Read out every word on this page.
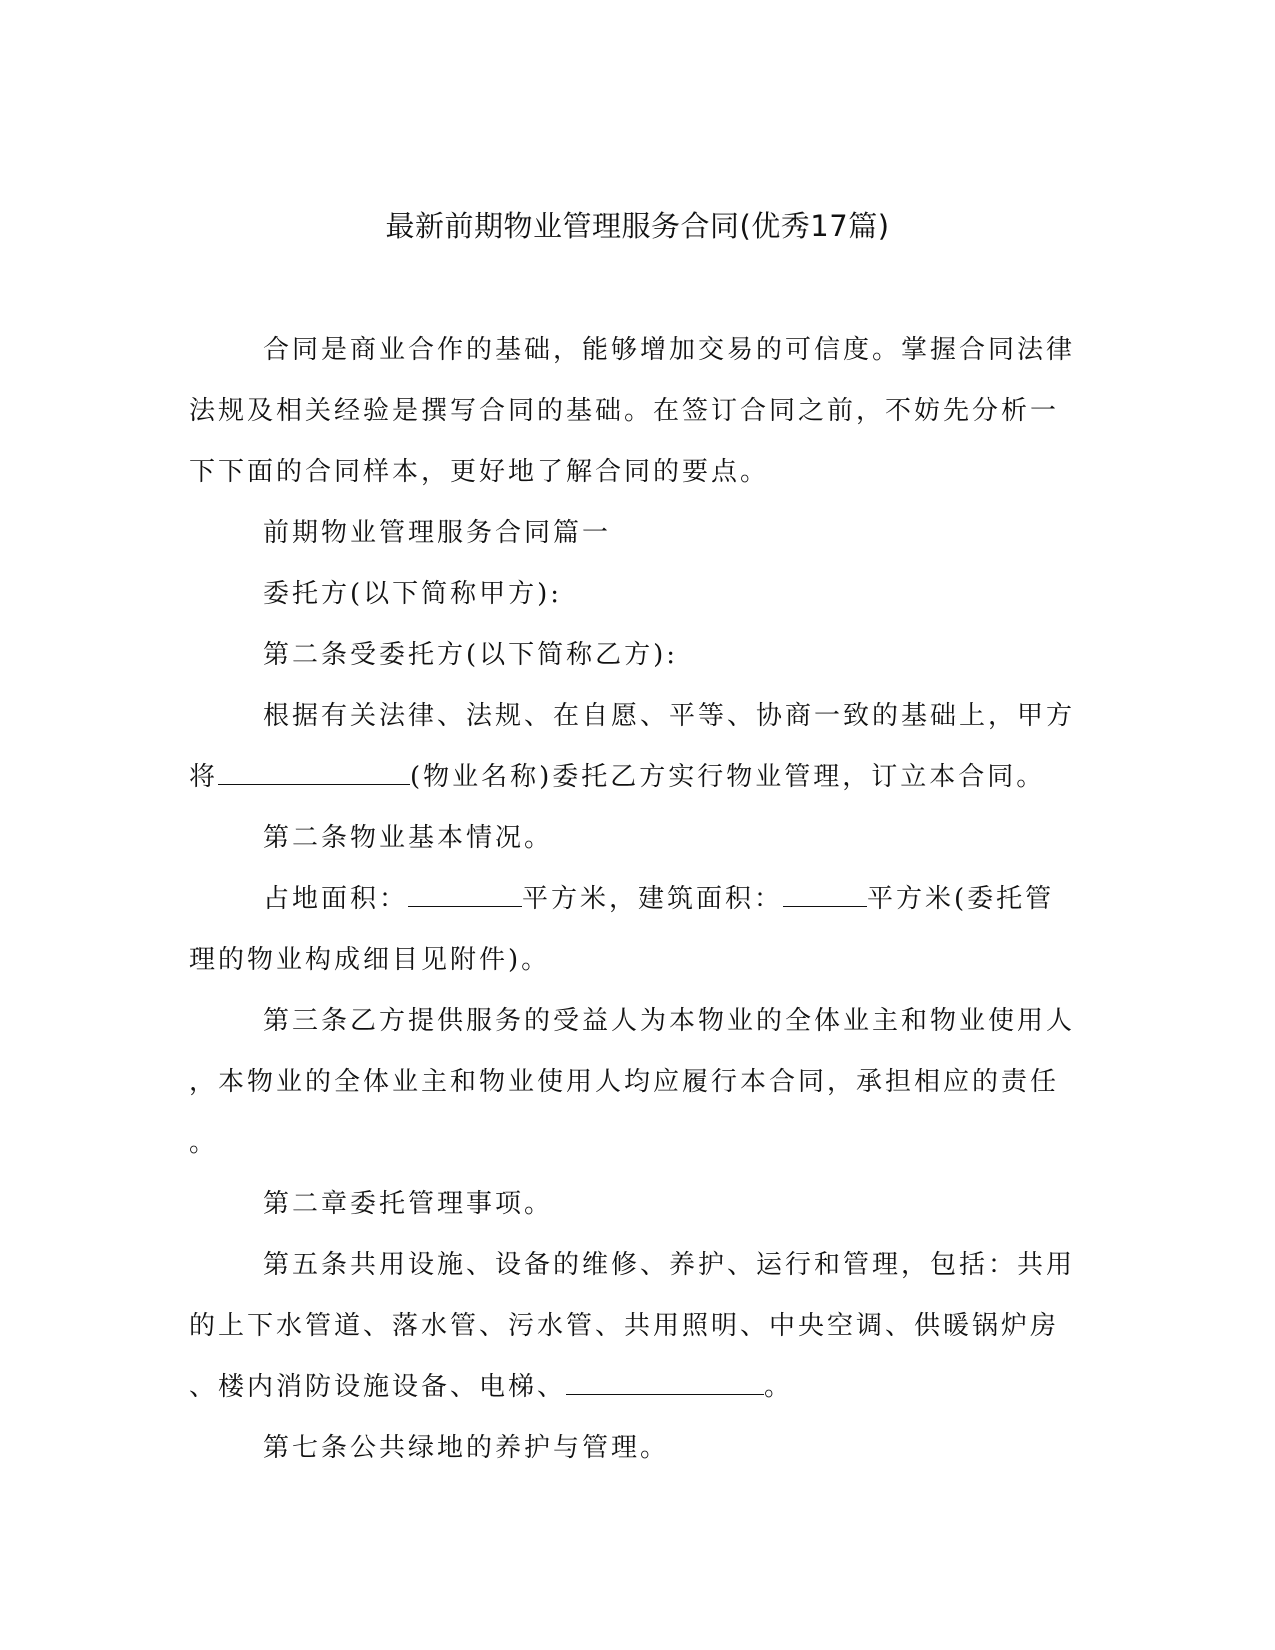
最新前期物业管理服务合同(优秀17篇)
合同是商业合作的基础，能够增加交易的可信度。掌握合同法律
法规及相关经验是撰写合同的基础。在签订合同之前，不妨先分析一
下下面的合同样本，更好地了解合同的要点。
前期物业管理服务合同篇一
委托方(以下简称甲方):
第二条受委托方(以下简称乙方):
根据有关法律、法规、在自愿、平等、协商一致的基础上，甲方
将	(物业名称)委托乙方实行物业管理，订立本合同。
第二条物业基本情况。
占地面积：	平方米，建筑面积：	平方米(委托管
理的物业构成细目见附件)。
第三条乙方提供服务的受益人为本物业的全体业主和物业使用人
，本物业的全体业主和物业使用人均应履行本合同，承担相应的责任
。
第二章委托管理事项。
第五条共用设施、设备的维修、养护、运行和管理，包括：共用
的上下水管道、落水管、污水管、共用照明、中央空调、供暖锅炉房
、楼内消防设施设备、电梯、	。
第七条公共绿地的养护与管理。
